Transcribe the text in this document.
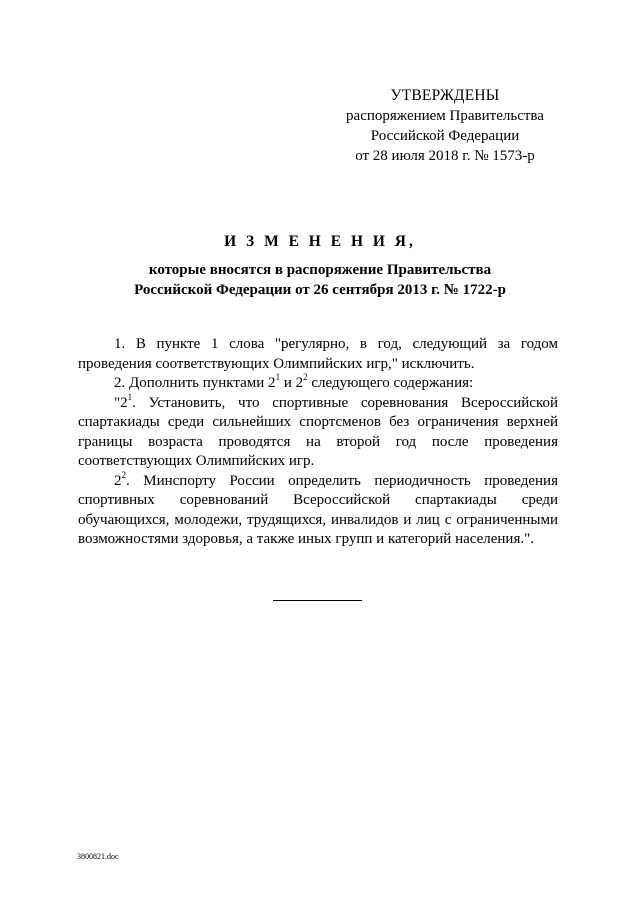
УТВЕРЖДЕНЫ
распоряжением Правительства
Российской Федерации
от 28 июля 2018 г. № 1573-р
И З М Е Н Е Н И Я,
которые вносятся в распоряжение Правительства
Российской Федерации от 26 сентября 2013 г. № 1722-р

1. В пункте 1 слова "регулярно, в год, следующий за годом проведения соответствующих Олимпийских игр," исключить.

2. Дополнить пунктами $2^1$ и $2^2$ следующего содержания:

"$2^1$. Установить, что спортивные соревнования Всероссийской спартакиады среди сильнейших спортсменов без ограничения верхней границы возраста проводятся на второй год после проведения соответствующих Олимпийских игр.

$2^2$. Минспорту России определить периодичность проведения спортивных соревнований Всероссийской спартакиады среди обучающихся, молодежи, трудящихся, инвалидов и лиц с ограниченными возможностями здоровья, а также иных групп и категорий населения.".

3800821.doc
